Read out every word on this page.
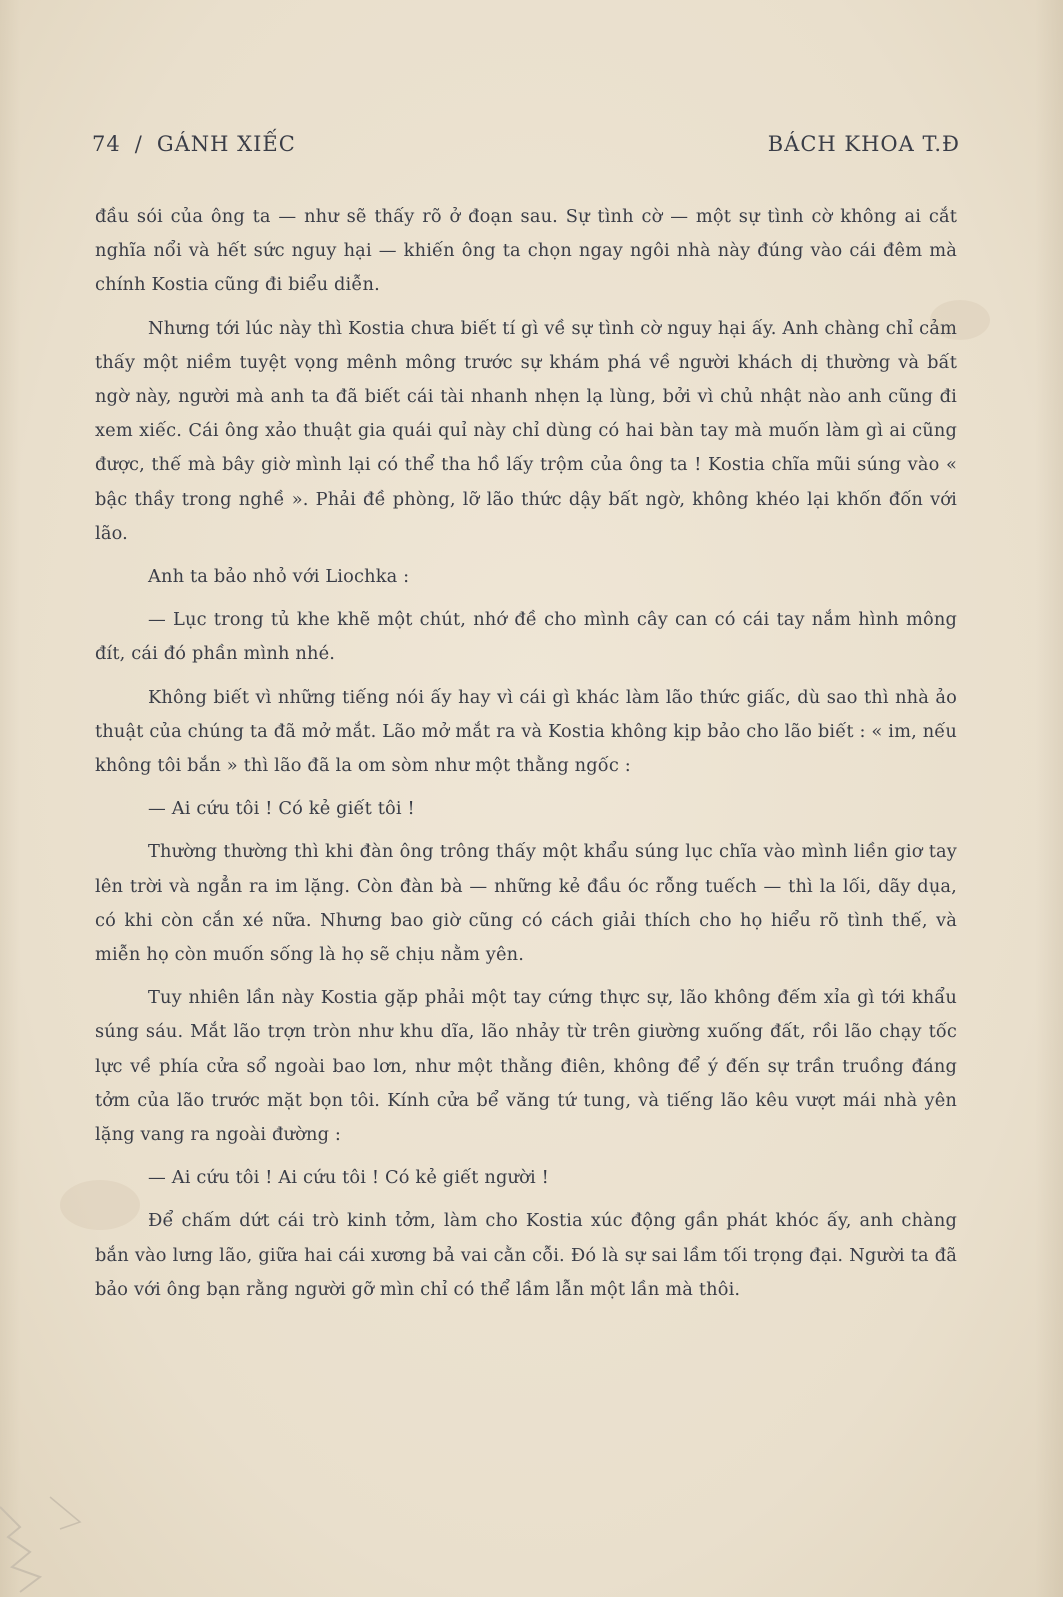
74 / GÁNH XIẾC	BÁCH KHOA T.Đ

đầu sói của ông ta — như sẽ thấy rõ ở đoạn sau. Sự tình cờ — một sự tình cờ không ai cắt nghĩa nổi và hết sức nguy hại — khiến ông ta chọn ngay ngôi nhà này đúng vào cái đêm mà chính Kostia cũng đi biểu diễn.

Nhưng tới lúc này thì Kostia chưa biết tí gì về sự tình cờ nguy hại ấy. Anh chàng chỉ cảm thấy một niềm tuyệt vọng mênh mông trước sự khám phá về người khách dị thường và bất ngờ này, người mà anh ta đã biết cái tài nhanh nhẹn lạ lùng, bởi vì chủ nhật nào anh cũng đi xem xiếc. Cái ông xảo thuật gia quái quỉ này chỉ dùng có hai bàn tay mà muốn làm gì ai cũng được, thế mà bây giờ mình lại có thể tha hồ lấy trộm của ông ta ! Kostia chĩa mũi súng vào « bậc thầy trong nghề ». Phải đề phòng, lỡ lão thức dậy bất ngờ, không khéo lại khốn đốn với lão.

Anh ta bảo nhỏ với Liochka :

— Lục trong tủ khe khẽ một chút, nhớ đề cho mình cây can có cái tay nắm hình mông đít, cái đó phần mình nhé.

Không biết vì những tiếng nói ấy hay vì cái gì khác làm lão thức giấc, dù sao thì nhà ảo thuật của chúng ta đã mở mắt. Lão mở mắt ra và Kostia không kịp bảo cho lão biết : « im, nếu không tôi bắn » thì lão đã la om sòm như một thằng ngốc :

— Ai cứu tôi ! Có kẻ giết tôi !

Thường thường thì khi đàn ông trông thấy một khẩu súng lục chĩa vào mình liền giơ tay lên trời và ngẳn ra im lặng. Còn đàn bà — những kẻ đầu óc rỗng tuếch — thì la lối, dãy dụa, có khi còn cắn xé nữa. Nhưng bao giờ cũng có cách giải thích cho họ hiểu rõ tình thế, và miễn họ còn muốn sống là họ sẽ chịu nằm yên.

Tuy nhiên lần này Kostia gặp phải một tay cứng thực sự, lão không đếm xỉa gì tới khẩu súng sáu. Mắt lão trợn tròn như khu dĩa, lão nhảy từ trên giường xuống đất, rồi lão chạy tốc lực về phía cửa sổ ngoài bao lơn, như một thằng điên, không để ý đến sự trần truồng đáng tởm của lão trước mặt bọn tôi. Kính cửa bể văng tứ tung, và tiếng lão kêu vượt mái nhà yên lặng vang ra ngoài đường :

— Ai cứu tôi ! Ai cứu tôi ! Có kẻ giết người !

Để chấm dứt cái trò kinh tởm, làm cho Kostia xúc động gần phát khóc ấy, anh chàng bắn vào lưng lão, giữa hai cái xương bả vai cằn cỗi. Đó là sự sai lầm tối trọng đại. Người ta đã bảo với ông bạn rằng người gỡ mìn chỉ có thể lầm lẫn một lần mà thôi.
